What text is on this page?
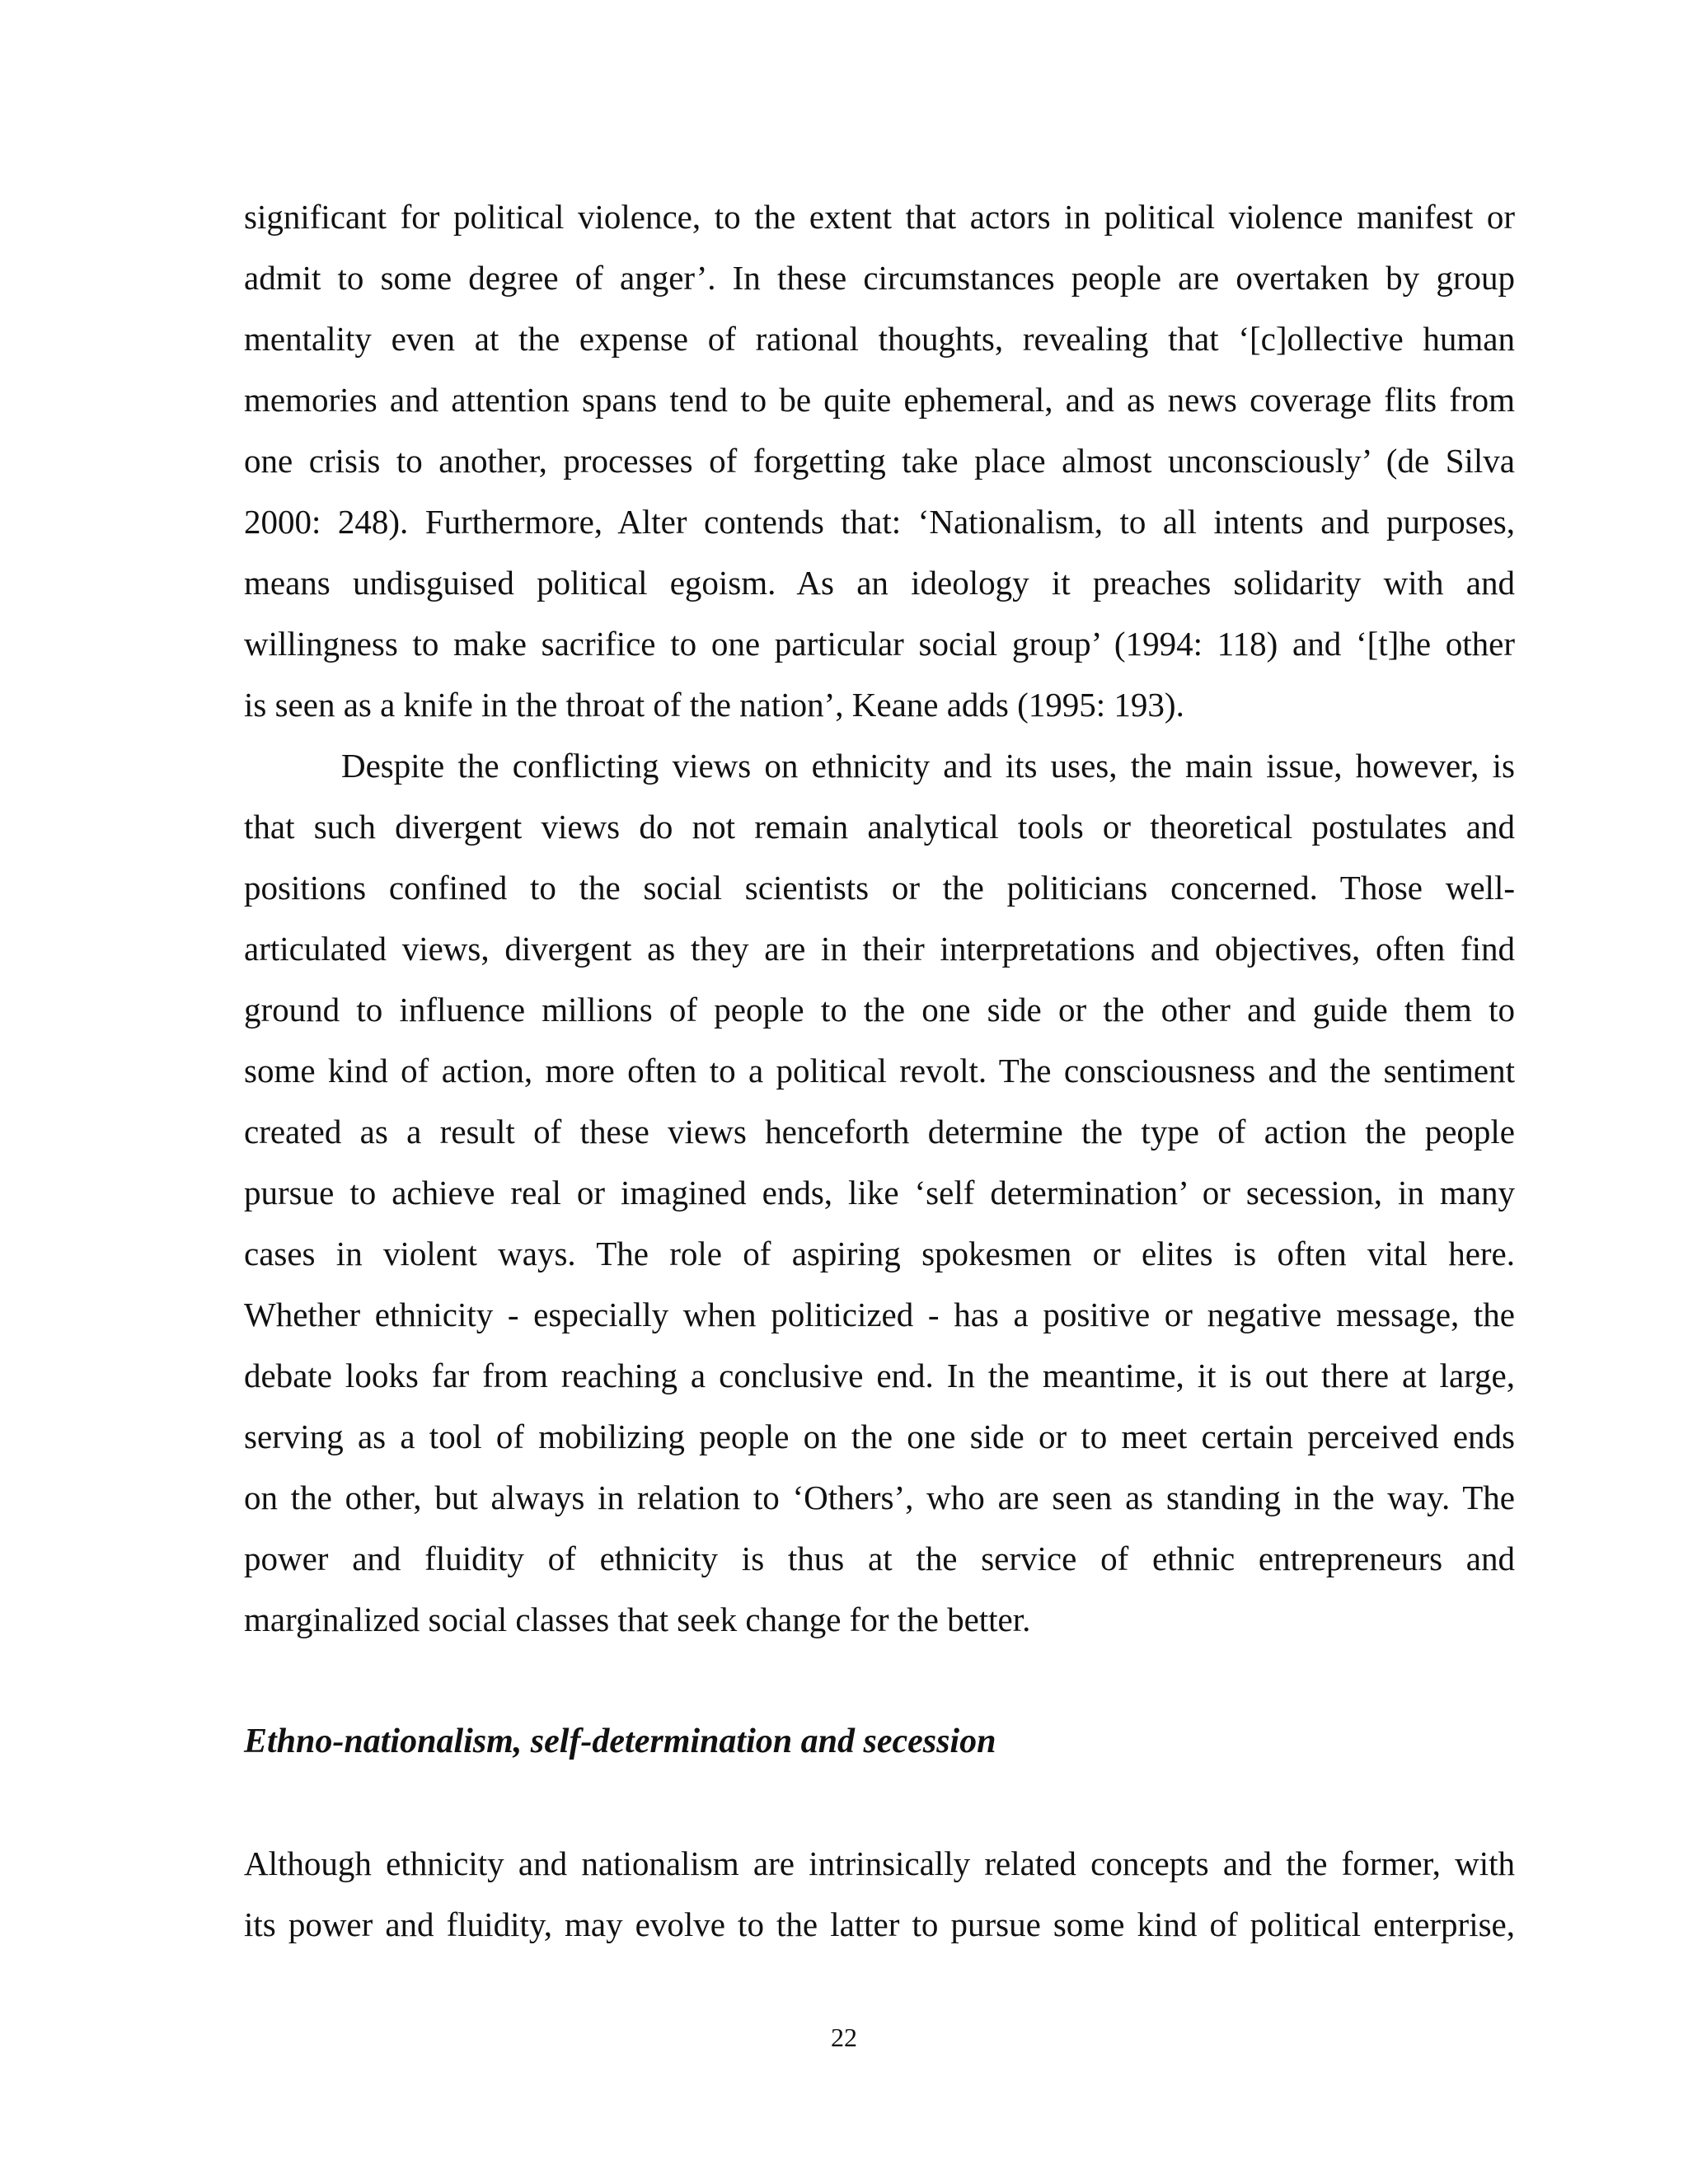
significant for political violence, to the extent that actors in political violence manifest or
admit to some degree of anger’. In these circumstances people are overtaken by group
mentality even at the expense of rational thoughts, revealing that ‘[c]ollective human
memories and attention spans tend to be quite ephemeral, and as news coverage flits from
one crisis to another, processes of forgetting take place almost unconsciously’ (de Silva
2000: 248). Furthermore, Alter contends that: ‘Nationalism, to all intents and purposes,
means undisguised political egoism. As an ideology it preaches solidarity with and
willingness to make sacrifice to one particular social group’ (1994: 118) and ‘[t]he other
is seen as a knife in the throat of the nation’, Keane adds (1995: 193).
Despite the conflicting views on ethnicity and its uses, the main issue, however, is
that such divergent views do not remain analytical tools or theoretical postulates and
positions confined to the social scientists or the politicians concerned. Those well-
articulated views, divergent as they are in their interpretations and objectives, often find
ground to influence millions of people to the one side or the other and guide them to
some kind of action, more often to a political revolt. The consciousness and the sentiment
created as a result of these views henceforth determine the type of action the people
pursue to achieve real or imagined ends, like ‘self determination’ or secession, in many
cases in violent ways. The role of aspiring spokesmen or elites is often vital here.
Whether ethnicity - especially when politicized - has a positive or negative message, the
debate looks far from reaching a conclusive end. In the meantime, it is out there at large,
serving as a tool of mobilizing people on the one side or to meet certain perceived ends
on the other, but always in relation to ‘Others’, who are seen as standing in the way. The
power and fluidity of ethnicity is thus at the service of ethnic entrepreneurs and
marginalized social classes that seek change for the better.
Ethno-nationalism, self-determination and secession
Although ethnicity and nationalism are intrinsically related concepts and the former, with
its power and fluidity, may evolve to the latter to pursue some kind of political enterprise,
22
